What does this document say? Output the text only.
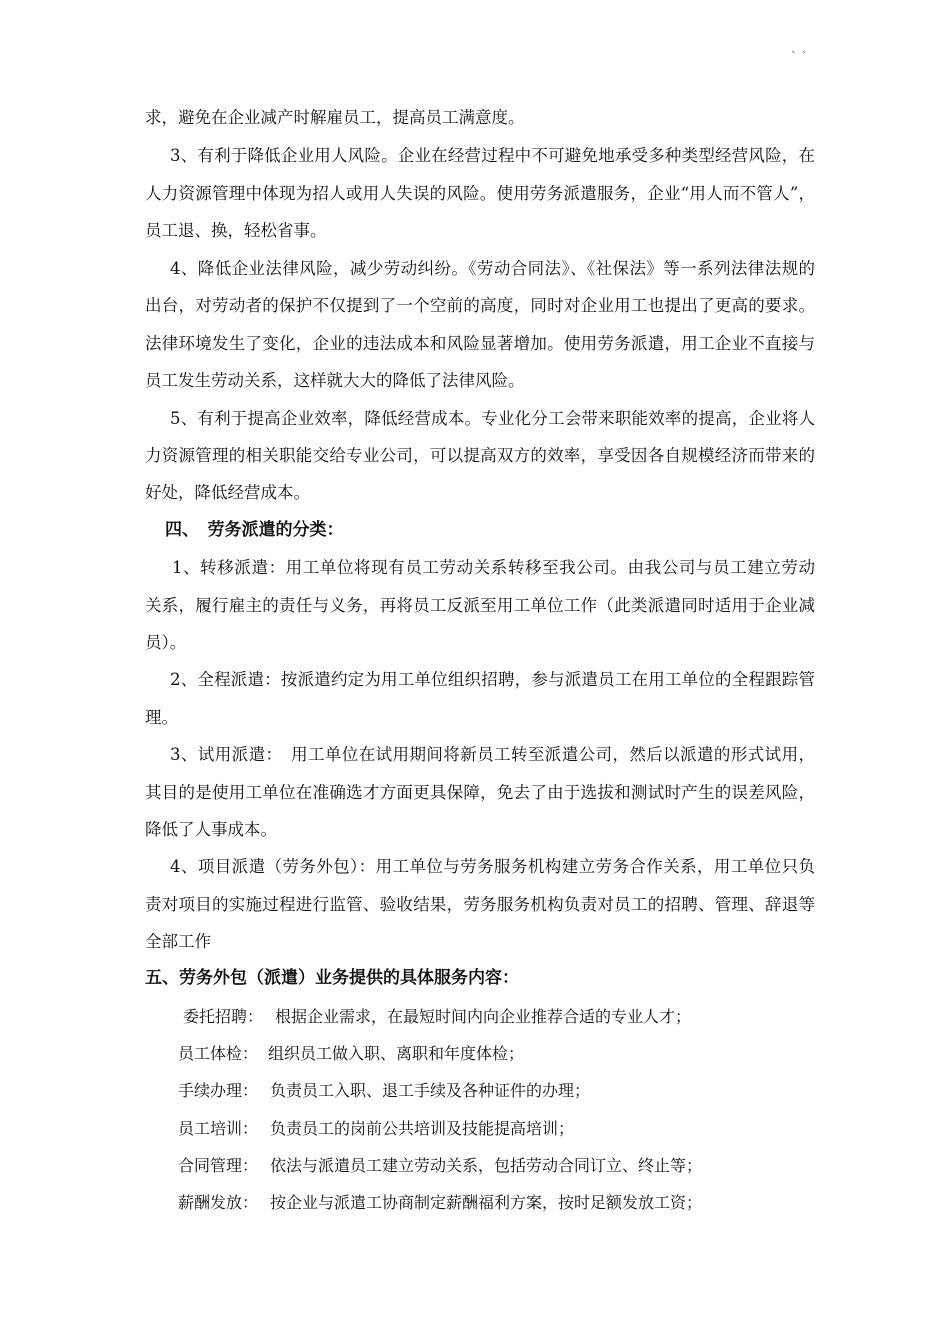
` `
求，避免在企业减产时解雇员工，提高员工满意度。
3、有利于降低企业用人风险。企业在经营过程中不可避免地承受多种类型经营风险，在
人力资源管理中体现为招人或用人失误的风险。使用劳务派遣服务，企业“用人而不管人”，
员工退、换，轻松省事。
4、降低企业法律风险，减少劳动纠纷。《劳动合同法》、《社保法》等一系列法律法规的
出台，对劳动者的保护不仅提到了一个空前的高度，同时对企业用工也提出了更高的要求。
法律环境发生了变化，企业的违法成本和风险显著增加。使用劳务派遣，用工企业不直接与
员工发生劳动关系，这样就大大的降低了法律风险。
5、有利于提高企业效率，降低经营成本。专业化分工会带来职能效率的提高，企业将人
力资源管理的相关职能交给专业公司，可以提高双方的效率，享受因各自规模经济而带来的
好处，降低经营成本。
四、　劳务派遣的分类：
1、转移派遣：用工单位将现有员工劳动关系转移至我公司。由我公司与员工建立劳动
关系，履行雇主的责任与义务，再将员工反派至用工单位工作（此类派遣同时适用于企业减
员）。
2、全程派遣：按派遣约定为用工单位组织招聘，参与派遣员工在用工单位的全程跟踪管
理。
3、试用派遣：　用工单位在试用期间将新员工转至派遣公司，然后以派遣的形式试用，
其目的是使用工单位在准确选才方面更具保障，免去了由于选拔和测试时产生的误差风险，
降低了人事成本。
4、项目派遣（劳务外包）：用工单位与劳务服务机构建立劳务合作关系，用工单位只负
责对项目的实施过程进行监管、验收结果，劳务服务机构负责对员工的招聘、管理、辞退等
全部工作
五、劳务外包（派遣）业务提供的具体服务内容：
委托招聘： 根据企业需求，在最短时间内向企业推荐合适的专业人才；
员工体检： 组织员工做入职、离职和年度体检；
手续办理： 负责员工入职、退工手续及各种证件的办理；
员工培训： 负责员工的岗前公共培训及技能提高培训；
合同管理： 依法与派遣员工建立劳动关系，包括劳动合同订立、终止等；
薪酬发放： 按企业与派遣工协商制定薪酬福利方案，按时足额发放工资；
